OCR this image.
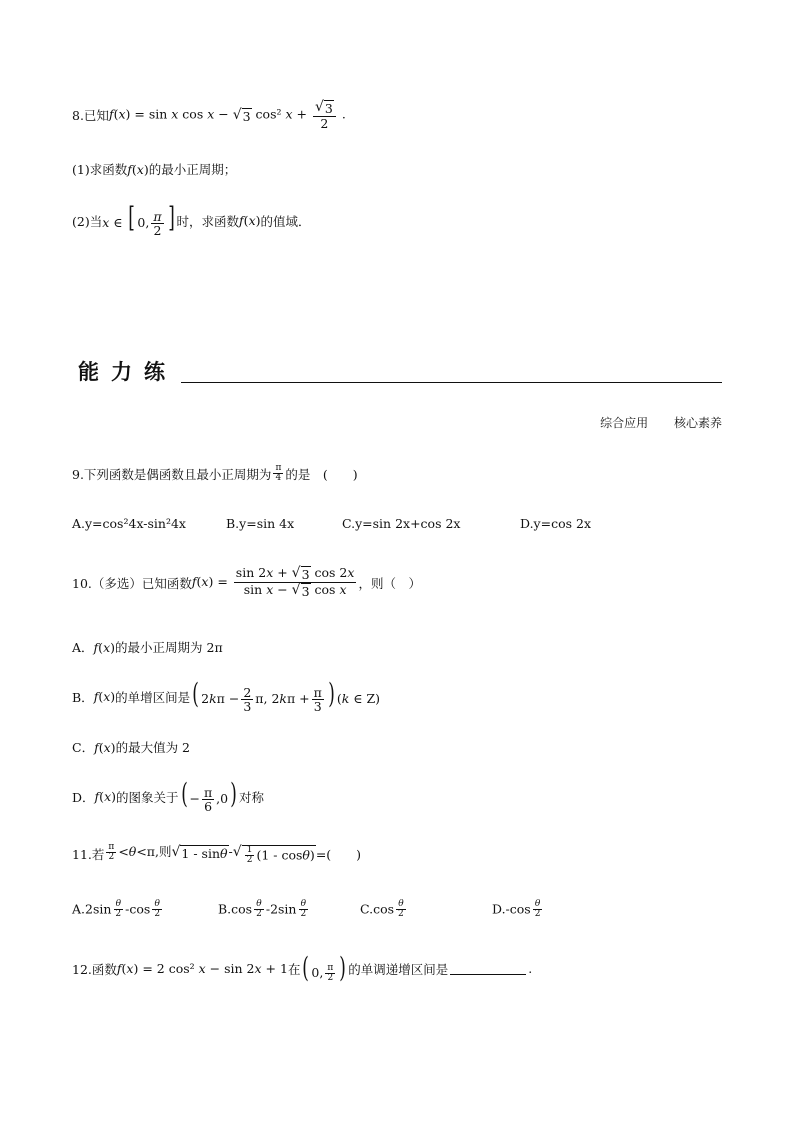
8.已知 f(x) = sin x cos x − √ 3 cos² $x + \frac{√ 3}{2}$ .
(1)求函数 f(x) 的最小正周期；
(2)当 x ∈ [ 0, $\frac{\pi}{2}$ ] 时，求函数 f(x) 的值域．
能力练
综合应用 核心素养
9.下列函数是偶函数且最小正周期为 $\frac{\pi}{4}$ 的是　(　　)
A.y=cos²4x-sin²4x	B.y=sin 4x	C.y=sin 2x+cos 2x	D.y=cos 2x
10.（多选）已知函数 $f(x) = \frac{\sin 2x + √ 3 \cos 2x}{\text{sin x − √ 3 cos x}}$ ，则（　）
A． f(x) 的最小正周期为 2π
B． f(x) 的单增区间是 ( $2k\pi - \frac{2}{3} \pi$, $2k\pi + \frac{\pi}{3}$ ) (k ∈ Z)
C． f(x) 的最大值为 2
D． f(x) 的图象关于 ( − $\frac{\pi}{6} ,0$) 对称
11.若 $\frac{\pi}{2} <\theta<\pi$,则 √ 1 - sinθ - √ $\frac{1}{2} (1 - \cos\theta)$ =(　　)
$A.2\sin \frac{\theta}{2} -\cos \frac{\theta}{2}$	$B.\cos \frac{\theta}{2} -2\sin \frac{\theta}{2}$	$C.\cos \frac{\theta}{2}$	$D.-\cos \frac{\theta}{2}$
12.函数 f(x) = 2 cos² x − sin 2x + 1 在 ( 0, $\frac{\pi}{2}$ ) 的单调递增区间是	.
